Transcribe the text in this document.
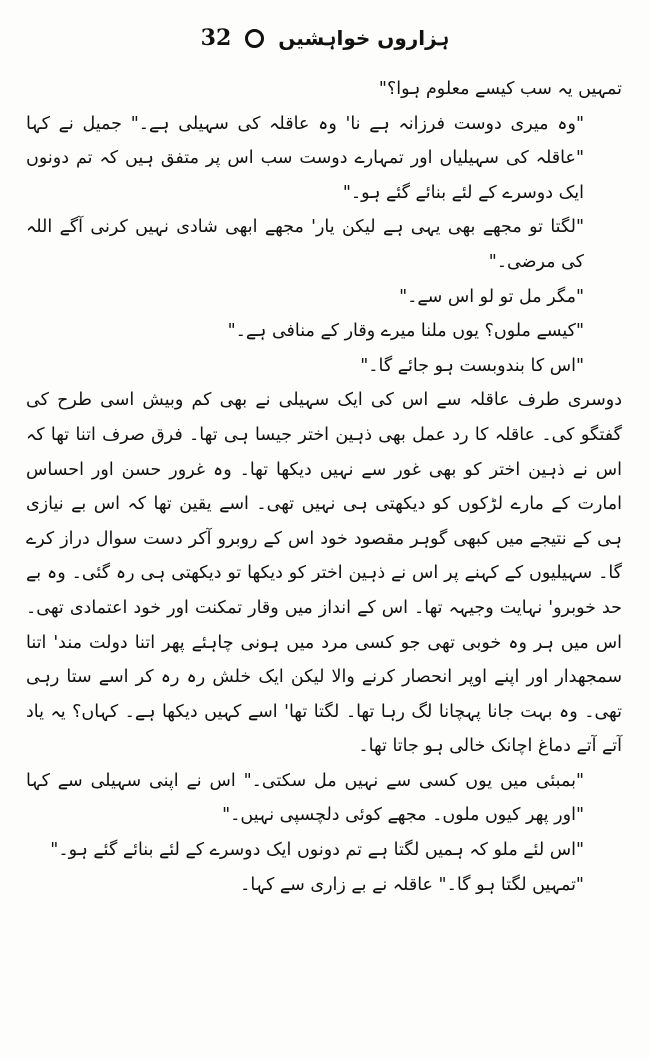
32 ہزاروں خواہشیں

تمہیں یہ سب کیسے معلوم ہوا؟"

"وہ میری دوست فرزانہ ہے نا' وہ عاقلہ کی سہیلی ہے۔" جمیل نے کہا "عاقلہ کی سہیلیاں اور تمہارے دوست سب اس پر متفق ہیں کہ تم دونوں ایک دوسرے کے لئے بنائے گئے ہو۔"

"لگتا تو مجھے بھی یہی ہے لیکن یار' مجھے ابھی شادی نہیں کرنی آگے اللہ کی مرضی۔"

"مگر مل تو لو اس سے۔"

"کیسے ملوں؟ یوں ملنا میرے وقار کے منافی ہے۔"

"اس کا بندوبست ہو جائے گا۔"

دوسری طرف عاقلہ سے اس کی ایک سہیلی نے بھی کم وبیش اسی طرح کی گفتگو کی۔ عاقلہ کا رد عمل بھی ذہین اختر جیسا ہی تھا۔ فرق صرف اتنا تھا کہ اس نے ذہین اختر کو بھی غور سے نہیں دیکھا تھا۔ وہ غرور حسن اور احساس امارت کے مارے لڑکوں کو دیکھتی ہی نہیں تھی۔ اسے یقین تھا کہ اس بے نیازی ہی کے نتیجے میں کبھی گوہر مقصود خود اس کے روبرو آکر دست سوال دراز کرے گا۔ سہیلیوں کے کہنے پر اس نے ذہین اختر کو دیکھا تو دیکھتی ہی رہ گئی۔ وہ بے حد خوبرو' نہایت وجیہہ تھا۔ اس کے انداز میں وقار تمکنت اور خود اعتمادی تھی۔ اس میں ہر وہ خوبی تھی جو کسی مرد میں ہونی چاہئے پھر اتنا دولت مند' اتنا سمجھدار اور اپنے اوپر انحصار کرنے والا لیکن ایک خلش رہ رہ کر اسے ستا رہی تھی۔ وہ بہت جانا پہچانا لگ رہا تھا۔ لگتا تھا' اسے کہیں دیکھا ہے۔ کہاں؟ یہ یاد آتے آتے دماغ اچانک خالی ہو جاتا تھا۔

"بمبئی میں یوں کسی سے نہیں مل سکتی۔" اس نے اپنی سہیلی سے کہا "اور پھر کیوں ملوں۔ مجھے کوئی دلچسپی نہیں۔"

"اس لئے ملو کہ ہمیں لگتا ہے تم دونوں ایک دوسرے کے لئے بنائے گئے ہو۔"

"تمہیں لگتا ہو گا۔" عاقلہ نے بے زاری سے کہا۔
